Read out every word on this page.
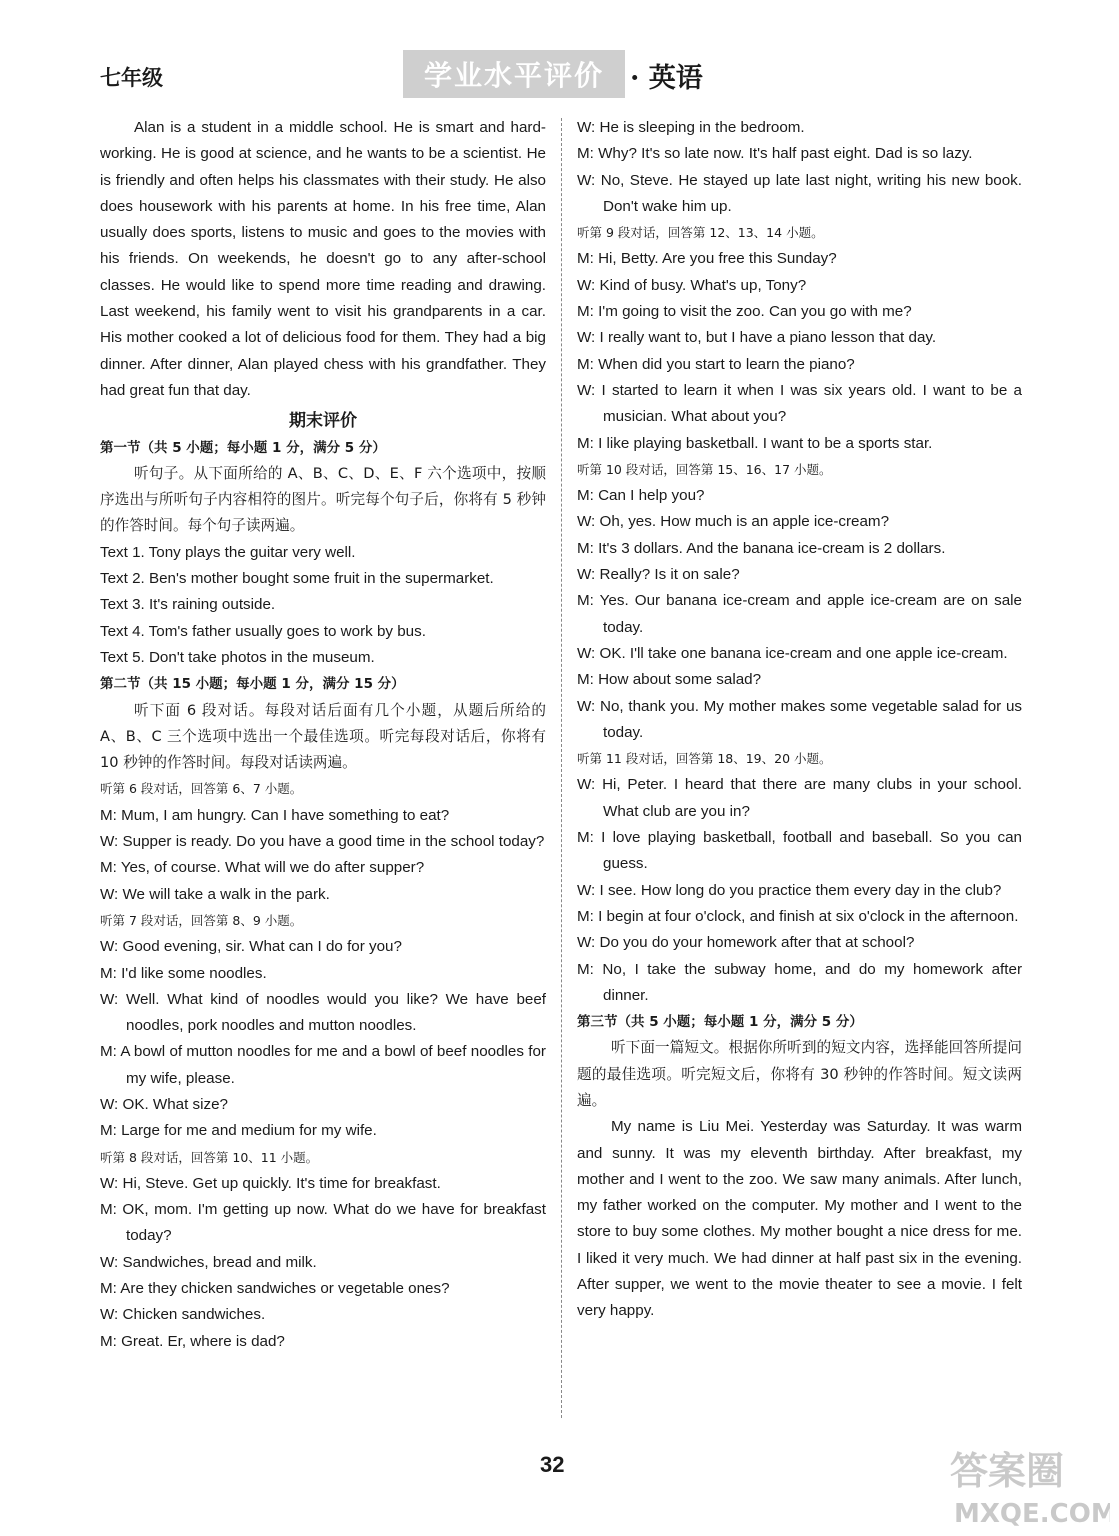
七年级	学业水平评价 · 英语

Alan is a student in a middle school. He is smart and hard-working. He is good at science, and he wants to be a scientist. He is friendly and often helps his classmates with their study. He also does housework with his parents at home. In his free time, Alan usually does sports, listens to music and goes to the movies with his friends. On weekends, he doesn't go to any after-school classes. He would like to spend more time reading and drawing. Last weekend, his family went to visit his grandparents in a car. His mother cooked a lot of delicious food for them. They had a big dinner. After dinner, Alan played chess with his grandfather. They had great fun that day.

期末评价
第一节（共 5 小题；每小题 1 分，满分 5 分）

听句子。从下面所给的 A、B、C、D、E、F 六个选项中，按顺序选出与所听句子内容相符的图片。听完每个句子后，你将有 5 秒钟的作答时间。每个句子读两遍。

Text 1. Tony plays the guitar very well.
Text 2. Ben's mother bought some fruit in the supermarket.
Text 3. It's raining outside.
Text 4. Tom's father usually goes to work by bus.
Text 5. Don't take photos in the museum.
第二节（共 15 小题；每小题 1 分，满分 15 分）

听下面 6 段对话。每段对话后面有几个小题，从题后所给的 A、B、C 三个选项中选出一个最佳选项。听完每段对话后，你将有 10 秒钟的作答时间。每段对话读两遍。

听第 6 段对话，回答第 6、7 小题。

M: Mum, I am hungry. Can I have something to eat?

W: Supper is ready. Do you have a good time in the school today?

M: Yes, of course. What will we do after supper?

W: We will take a walk in the park.

听第 7 段对话，回答第 8、9 小题。

W: Good evening, sir. What can I do for you?

M: I'd like some noodles.

W: Well. What kind of noodles would you like? We have beef noodles, pork noodles and mutton noodles.

M: A bowl of mutton noodles for me and a bowl of beef noodles for my wife, please.

W: OK. What size?

M: Large for me and medium for my wife.

听第 8 段对话，回答第 10、11 小题。

W: Hi, Steve. Get up quickly. It's time for breakfast.

M: OK, mom. I'm getting up now. What do we have for breakfast today?

W: Sandwiches, bread and milk.

M: Are they chicken sandwiches or vegetable ones?

W: Chicken sandwiches.

M: Great. Er, where is dad?

W: He is sleeping in the bedroom.

M: Why? It's so late now. It's half past eight. Dad is so lazy.

W: No, Steve. He stayed up late last night, writing his new book. Don't wake him up.

听第 9 段对话，回答第 12、13、14 小题。

M: Hi, Betty. Are you free this Sunday?

W: Kind of busy. What's up, Tony?

M: I'm going to visit the zoo. Can you go with me?

W: I really want to, but I have a piano lesson that day.

M: When did you start to learn the piano?

W: I started to learn it when I was six years old. I want to be a musician. What about you?

M: I like playing basketball. I want to be a sports star.

听第 10 段对话，回答第 15、16、17 小题。

M: Can I help you?

W: Oh, yes. How much is an apple ice-cream?

M: It's 3 dollars. And the banana ice-cream is 2 dollars.

W: Really? Is it on sale?

M: Yes. Our banana ice-cream and apple ice-cream are on sale today.

W: OK. I'll take one banana ice-cream and one apple ice-cream.

M: How about some salad?

W: No, thank you. My mother makes some vegetable salad for us today.

听第 11 段对话，回答第 18、19、20 小题。

W: Hi, Peter. I heard that there are many clubs in your school. What club are you in?

M: I love playing basketball, football and baseball. So you can guess.

W: I see. How long do you practice them every day in the club?

M: I begin at four o'clock, and finish at six o'clock in the afternoon.

W: Do you do your homework after that at school?

M: No, I take the subway home, and do my homework after dinner.

第三节（共 5 小题；每小题 1 分，满分 5 分）

听下面一篇短文。根据你所听到的短文内容，选择能回答所提问题的最佳选项。听完短文后，你将有 30 秒钟的作答时间。短文读两遍。

My name is Liu Mei. Yesterday was Saturday. It was warm and sunny. It was my eleventh birthday. After breakfast, my mother and I went to the zoo. We saw many animals. After lunch, my father worked on the computer. My mother and I went to the store to buy some clothes. My mother bought a nice dress for me. I liked it very much. We had dinner at half past six in the evening. After supper, we went to the movie theater to see a movie. I felt very happy.

32	答案圈
MXQE.COM
